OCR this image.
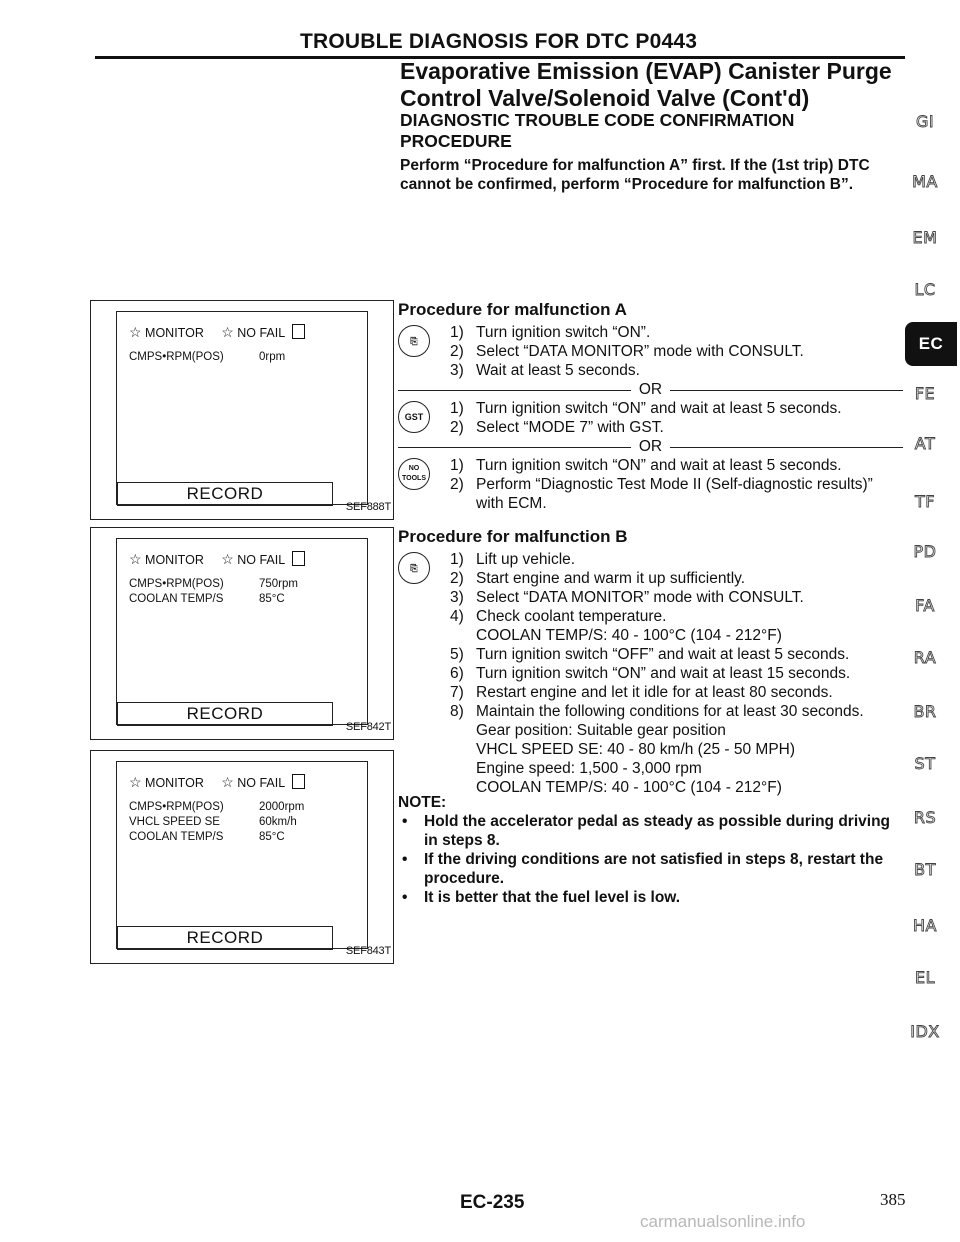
TROUBLE DIAGNOSIS FOR DTC P0443
Evaporative Emission (EVAP) Canister Purge Control Valve/Solenoid Valve (Cont'd)
DIAGNOSTIC TROUBLE CODE CONFIRMATION PROCEDURE
Perform “Procedure for malfunction A” first. If the (1st trip) DTC cannot be confirmed, perform “Procedure for malfunction B”.
GI
MA
EM
LC
EC
FE
AT
TF
PD
FA
RA
BR
ST
RS
BT
HA
EL
IDX
☆ MONITOR ☆ NO FAIL
CMPS•RPM(POS)	0rpm
RECORD
SEF888T
☆ MONITOR ☆ NO FAIL
CMPS•RPM(POS)	750rpm
COOLAN TEMP/S	85°C
RECORD
SEF842T
☆ MONITOR ☆ NO FAIL
CMPS•RPM(POS)	2000rpm
VHCL SPEED SE	60km/h
COOLAN TEMP/S	85°C
RECORD
SEF843T
Procedure for malfunction A
⎘	1) Turn ignition switch “ON”.
2) Select “DATA MONITOR” mode with CONSULT.
3) Wait at least 5 seconds.
OR
GST	1) Turn ignition switch “ON” and wait at least 5 seconds.
2) Select “MODE 7” with GST.
OR
NO TOOLS
1) Turn ignition switch “ON” and wait at least 5 seconds.
2) Perform “Diagnostic Test Mode II (Self-diagnostic results)” with ECM.
Procedure for malfunction B
⎘	1) Lift up vehicle.
2) Start engine and warm it up sufficiently.
3) Select “DATA MONITOR” mode with CONSULT.
4) Check coolant temperature.
COOLAN TEMP/S: 40 - 100°C (104 - 212°F)
5) Turn ignition switch “OFF” and wait at least 5 seconds.
6) Turn ignition switch “ON” and wait at least 15 seconds.
7) Restart engine and let it idle for at least 80 seconds.
8) Maintain the following conditions for at least 30 seconds.
Gear position: Suitable gear position
VHCL SPEED SE: 40 - 80 km/h (25 - 50 MPH)
Engine speed: 1,500 - 3,000 rpm
COOLAN TEMP/S: 40 - 100°C (104 - 212°F)
NOTE:
• Hold the accelerator pedal as steady as possible during driving in steps 8.
• If the driving conditions are not satisfied in steps 8, restart the procedure.
• It is better that the fuel level is low.
EC-235	385
carmanualsonline.info
